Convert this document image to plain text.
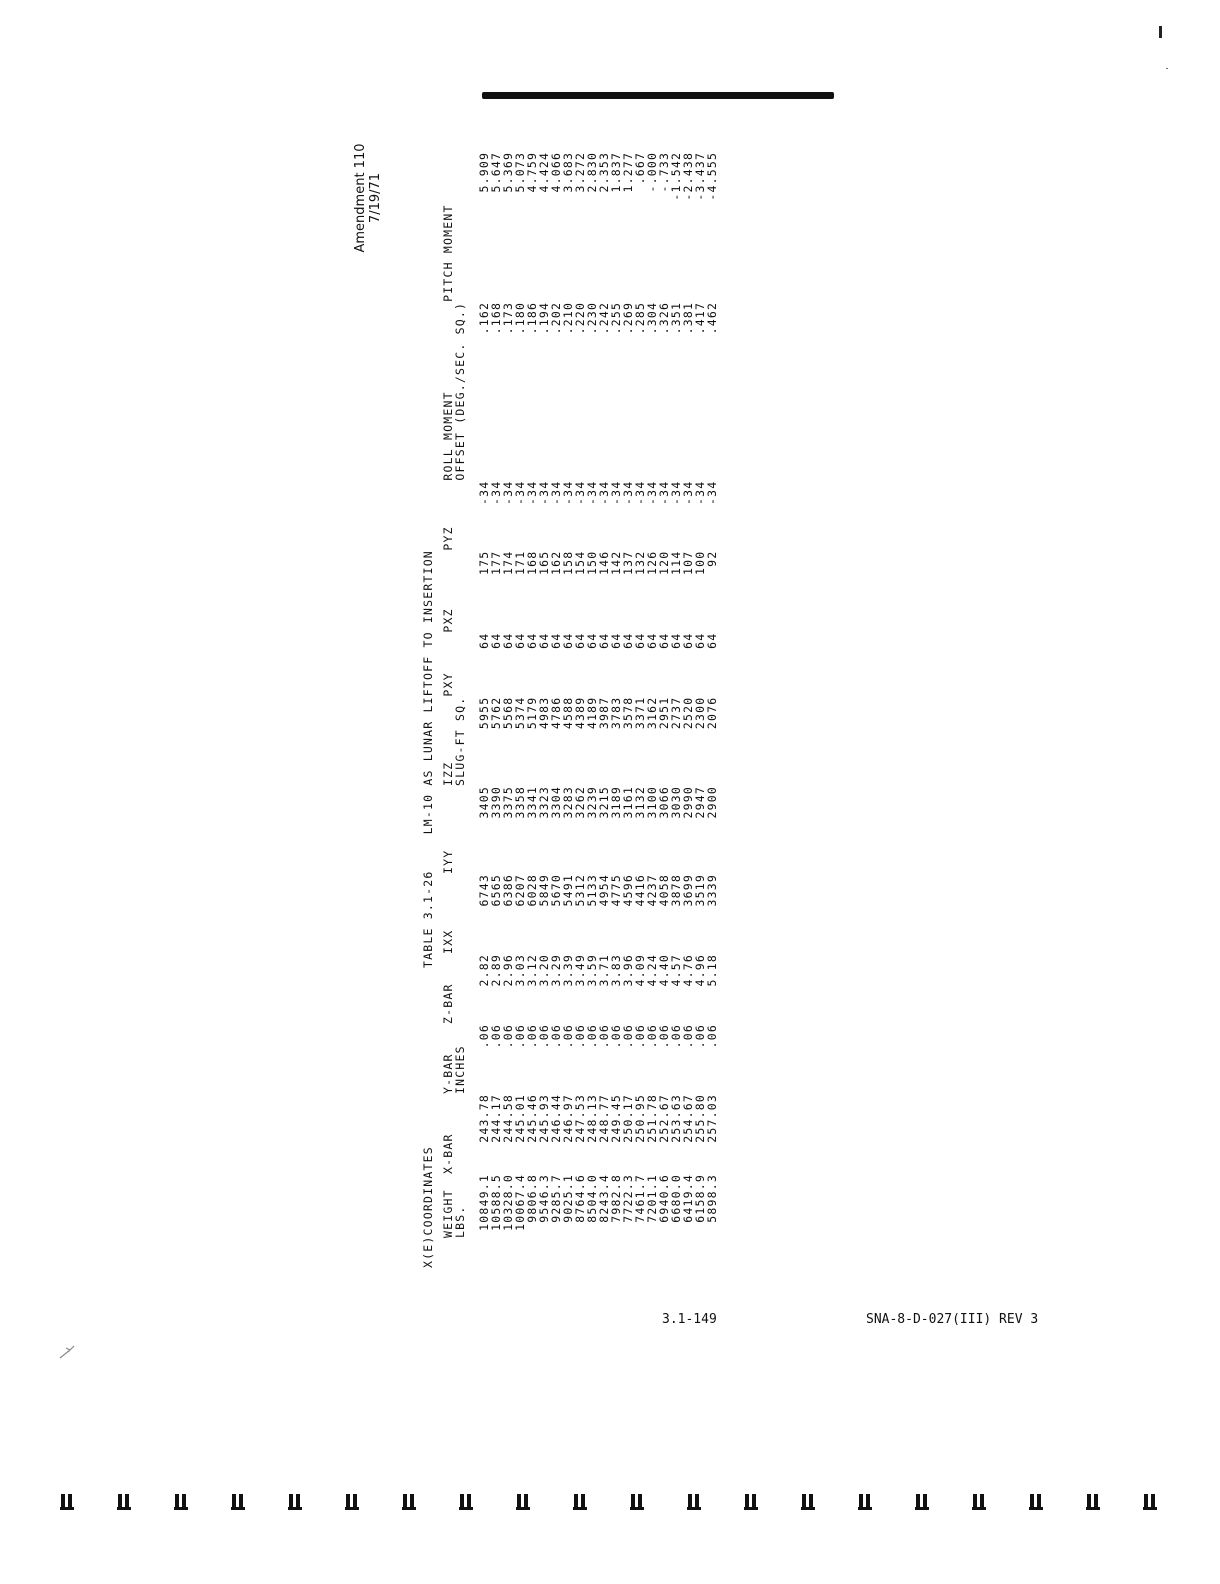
Amendment 110 7/19/71
X(E)COORDINATES
TABLE 3.1-26 LM-10 AS LUNAR LIFTOFF TO INSERTION
WEIGHT	X-BAR	Y-BAR	Z-BAR	IXX	IYY	IZZ	PXY	PXZ	PYZ	ROLL MOMENT	PITCH MOMENT
LBS.		INCHES				SLUG-FT SQ.				OFFSET (DEG./SEC. SQ.)	

10849.1	243.78	.06	2.82	6743	3405	5955	64	175	-34	.162	5.909
10588.5	244.17	.06	2.89	6565	3390	5762	64	177	-34	.168	5.647
10328.0	244.58	.06	2.96	6386	3375	5568	64	174	-34	.173	5.369
10067.4	245.01	.06	3.03	6207	3358	5374	64	171	-34	.180	5.073
9806.8	245.46	.06	3.12	6028	3341	5179	64	168	-34	.186	4.759
9546.3	245.93	.06	3.20	5849	3323	4983	64	165	-34	.194	4.424
9285.7	246.44	.06	3.29	5670	3304	4786	64	162	-34	.202	4.066
9025.1	246.97	.06	3.39	5491	3283	4588	64	158	-34	.210	3.683
8764.6	247.53	.06	3.49	5312	3262	4389	64	154	-34	.220	3.272
8504.0	248.13	.06	3.59	5133	3239	4189	64	150	-34	.230	2.830
8243.4	248.77	.06	3.71	4954	3215	3987	64	146	-34	.242	2.353
7982.8	249.45	.06	3.83	4775	3189	3783	64	142	-34	.255	1.837
7722.3	250.17	.06	3.96	4596	3161	3578	64	137	-34	.269	1.277
7461.7	250.95	.06	4.09	4416	3132	3371	64	132	-34	.285	.667
7201.1	251.78	.06	4.24	4237	3100	3162	64	126	-34	.304	-.000
6940.6	252.67	.06	4.40	4058	3066	2951	64	120	-34	.326	-.733
6680.0	253.63	.06	4.57	3878	3030	2737	64	114	-34	.351	-1.542
6419.4	254.67	.06	4.76	3699	2990	2520	64	107	-34	.381	-2.438
6158.9	255.80	.06	4.96	3519	2947	2300	64	100	-34	.417	-3.437
5898.3	257.03	.06	5.18	3339	2900	2076	64	92	-34	.462	-4.555
3.1-149	SNA-8-D-027(III) REV 3
